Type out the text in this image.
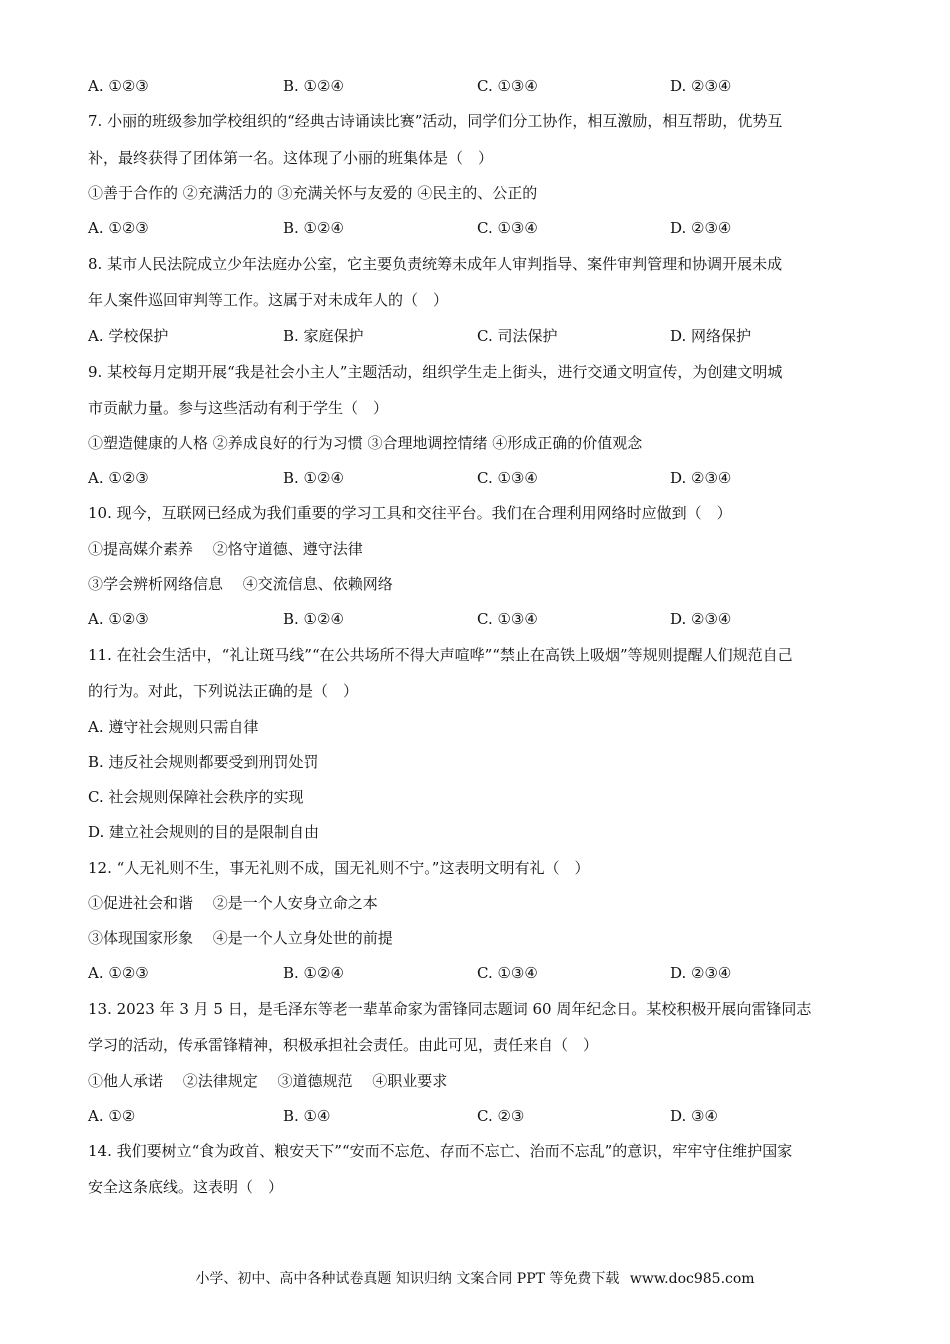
A. ①②③	B. ①②④	C. ①③④	D. ②③④
7. 小丽的班级参加学校组织的“经典古诗诵读比赛”活动，同学们分工协作，相互激励，相互帮助，优势互
补，最终获得了团体第一名。这体现了小丽的班集体是（　）
①善于合作的 ②充满活力的 ③充满关怀与友爱的 ④民主的、公正的
A. ①②③	B. ①②④	C. ①③④	D. ②③④
8. 某市人民法院成立少年法庭办公室，它主要负责统筹未成年人审判指导、案件审判管理和协调开展未成
年人案件巡回审判等工作。这属于对未成年人的（　）
A. 学校保护	B. 家庭保护	C. 司法保护	D. 网络保护
9. 某校每月定期开展“我是社会小主人”主题活动，组织学生走上街头，进行交通文明宣传，为创建文明城
市贡献力量。参与这些活动有利于学生（　）
①塑造健康的人格 ②养成良好的行为习惯 ③合理地调控情绪 ④形成正确的价值观念
A. ①②③	B. ①②④	C. ①③④	D. ②③④
10. 现今，互联网已经成为我们重要的学习工具和交往平台。我们在合理利用网络时应做到（　）
①提高媒介素养　 ②恪守道德、遵守法律
③学会辨析网络信息　 ④交流信息、依赖网络
A. ①②③	B. ①②④	C. ①③④	D. ②③④
11. 在社会生活中，“礼让斑马线”“在公共场所不得大声喧哗”“禁止在高铁上吸烟”等规则提醒人们规范自己
的行为。对此，下列说法正确的是（　）
A. 遵守社会规则只需自律
B. 违反社会规则都要受到刑罚处罚
C. 社会规则保障社会秩序的实现
D. 建立社会规则的目的是限制自由
12. “人无礼则不生，事无礼则不成，国无礼则不宁。”这表明文明有礼（　）
①促进社会和谐　 ②是一个人安身立命之本
③体现国家形象　 ④是一个人立身处世的前提
A. ①②③	B. ①②④	C. ①③④	D. ②③④
13. 2023 年 3 月 5 日，是毛泽东等老一辈革命家为雷锋同志题词 60 周年纪念日。某校积极开展向雷锋同志
学习的活动，传承雷锋精神，积极承担社会责任。由此可见，责任来自（　）
①他人承诺　 ②法律规定　 ③道德规范　 ④职业要求
A. ①②	B. ①④	C. ②③	D. ③④
14. 我们要树立“食为政首、粮安天下”“安而不忘危、存而不忘亡、治而不忘乱”的意识，牢牢守住维护国家
安全这条底线。这表明（　）
小学、初中、高中各种试卷真题 知识归纳 文案合同 PPT 等免费下载 www.doc985.com
